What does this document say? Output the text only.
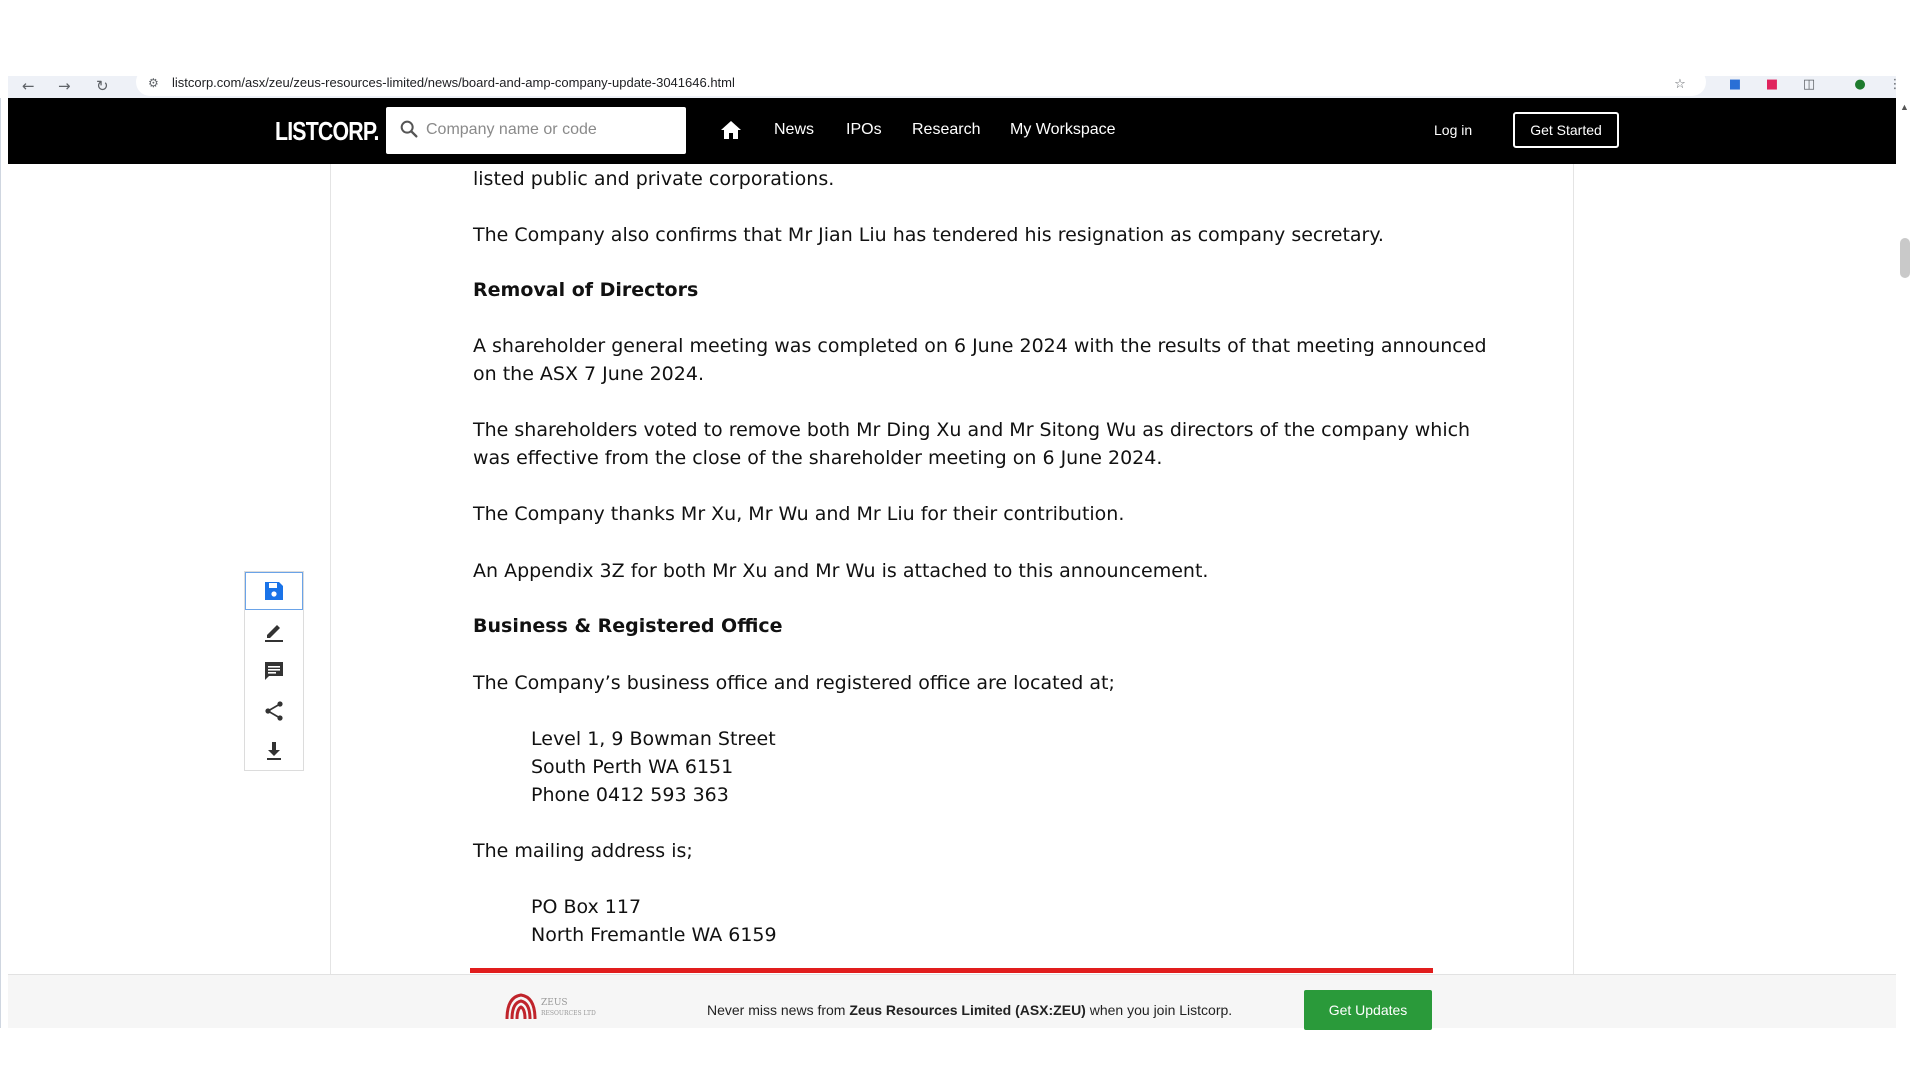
← → ↻	⚙ listcorp.com/asx/zeu/zeus-resources-limited/news/board-and-amp-company-update-3041646.html	☆	■ ■ ◫	● ⋮
LISTCORP.
Company name or code	News IPOs Research My Workspace	Log in	Get Started

listed public and private corporations.

The Company also confirms that Mr Jian Liu has tendered his resignation as company secretary.

Removal of Directors

A shareholder general meeting was completed on 6 June 2024 with the results of that meeting announced

on the ASX 7 June 2024.

The shareholders voted to remove both Mr Ding Xu and Mr Sitong Wu as directors of the company which

was effective from the close of the shareholder meeting on 6 June 2024.

The Company thanks Mr Xu, Mr Wu and Mr Liu for their contribution.

An Appendix 3Z for both Mr Xu and Mr Wu is attached to this announcement.

Business & Registered Office

The Company’s business office and registered office are located at;

Level 1, 9 Bowman Street

South Perth WA 6151

Phone 0412 593 363

The mailing address is;

PO Box 117

North Fremantle WA 6159

ZEUS
RESOURCES LTD	Never miss news from Zeus Resources Limited (ASX:ZEU) when you join Listcorp.	Get Updates
▲
